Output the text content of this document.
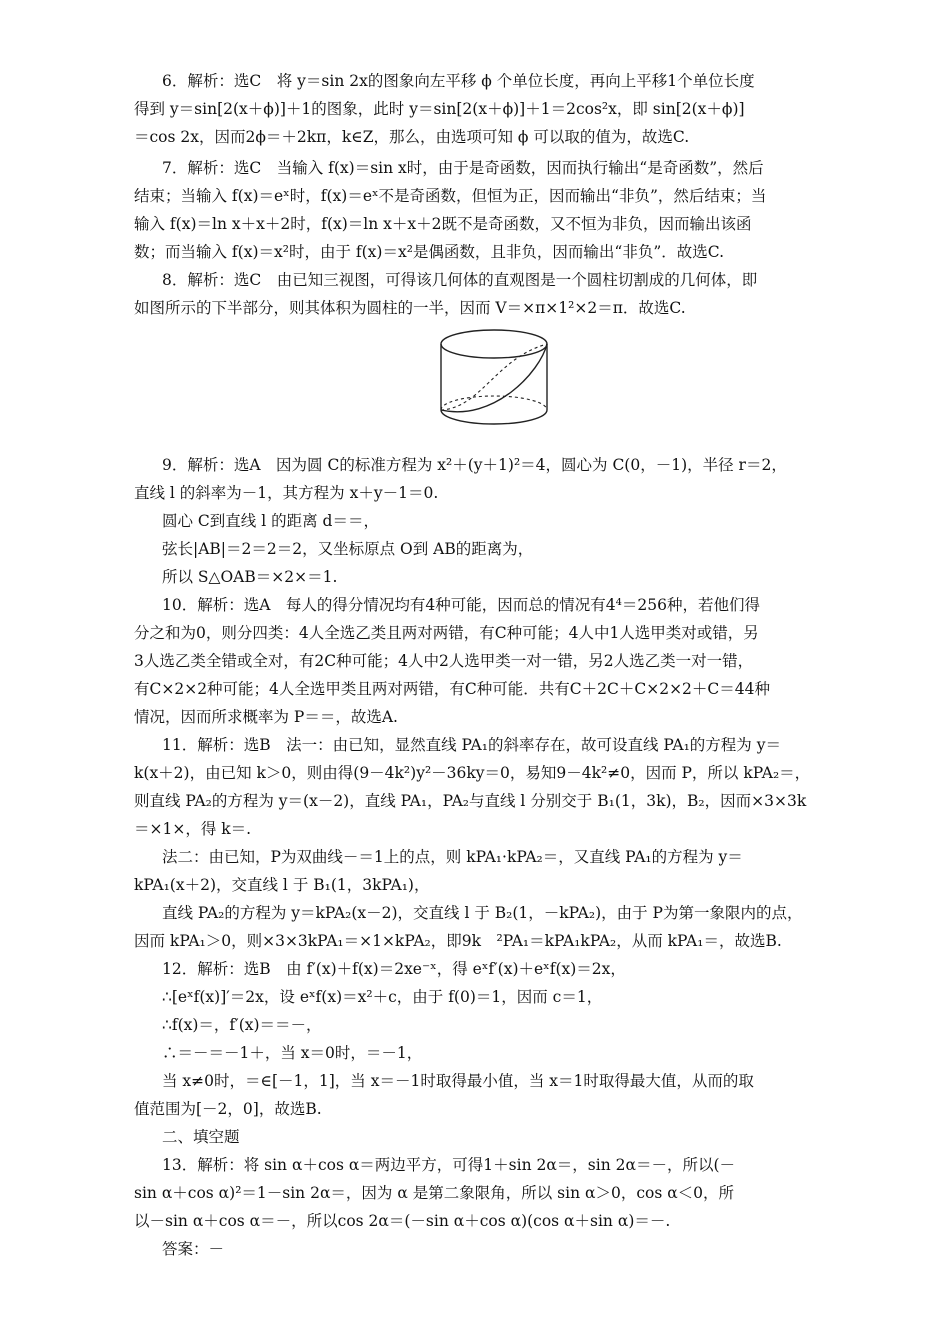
6．解析：选C　将 y＝sin 2x的图象向左平移 ϕ 个单位长度，再向上平移1个单位长度
得到 y＝sin[2(x＋ϕ)]＋1的图象，此时 y＝sin[2(x＋ϕ)]＋1＝2cos²x，即 sin[2(x＋ϕ)]
＝cos 2x，因而2ϕ＝＋2kπ，k∈Z，那么，由选项可知 ϕ 可以取的值为，故选C.
7．解析：选C　当输入 f(x)＝sin x时，由于是奇函数，因而执行输出“是奇函数”，然后
结束；当输入 f(x)＝eˣ时，f(x)＝eˣ不是奇函数，但恒为正，因而输出“非负”，然后结束；当
输入 f(x)＝ln x＋x＋2时，f(x)＝ln x＋x＋2既不是奇函数，又不恒为非负，因而输出该函
数；而当输入 f(x)＝x²时，由于 f(x)＝x²是偶函数，且非负，因而输出“非负”．故选C.
8．解析：选C　由已知三视图，可得该几何体的直观图是一个圆柱切割成的几何体，即
如图所示的下半部分，则其体积为圆柱的一半，因而 V＝×π×1²×2＝π．故选C.
9．解析：选A　因为圆 C的标准方程为 x²＋(y＋1)²＝4，圆心为 C(0，－1)，半径 r＝2，
直线 l 的斜率为－1，其方程为 x＋y－1＝0.
圆心 C到直线 l 的距离 d＝＝，
弦长|AB|＝2＝2＝2，又坐标原点 O到 AB的距离为，
所以 S△OAB＝×2×＝1.
10．解析：选A　每人的得分情况均有4种可能，因而总的情况有4⁴＝256种，若他们得
分之和为0，则分四类：4人全选乙类且两对两错，有C种可能；4人中1人选甲类对或错，另
3人选乙类全错或全对，有2C种可能；4人中2人选甲类一对一错，另2人选乙类一对一错，
有C×2×2种可能；4人全选甲类且两对两错，有C种可能．共有C＋2C＋C×2×2＋C＝44种
情况，因而所求概率为 P＝＝，故选A.
11．解析：选B　法一：由已知，显然直线 PA₁的斜率存在，故可设直线 PA₁的方程为 y＝
k(x＋2)，由已知 k＞0，则由得(9－4k²)y²－36ky＝0，易知9－4k²≠0，因而 P，所以 kPA₂＝，
则直线 PA₂的方程为 y＝(x－2)，直线 PA₁，PA₂与直线 l 分别交于 B₁(1，3k)，B₂，因而×3×3k
＝×1×，得 k＝.
法二：由已知，P为双曲线－＝1上的点，则 kPA₁·kPA₂＝，又直线 PA₁的方程为 y＝
kPA₁(x＋2)，交直线 l 于 B₁(1，3kPA₁)，
直线 PA₂的方程为 y＝kPA₂(x－2)，交直线 l 于 B₂(1，－kPA₂)，由于 P为第一象限内的点，
因而 kPA₁＞0，则×3×3kPA₁＝×1×kPA₂，即9k　²PA₁＝kPA₁kPA₂，从而 kPA₁＝，故选B.
12．解析：选B　由 f′(x)＋f(x)＝2xe⁻ˣ，得 eˣf′(x)＋eˣf(x)＝2x，
∴[eˣf(x)]′＝2x，设 eˣf(x)＝x²＋c，由于 f(0)＝1，因而 c＝1，
∴f(x)＝，f′(x)＝＝－，
∴＝－＝－1＋，当 x＝0时，＝－1，
当 x≠0时，＝∈[－1，1]，当 x＝－1时取得最小值，当 x＝1时取得最大值，从而的取
值范围为[－2，0]，故选B.
二、填空题
13．解析：将 sin α＋cos α＝两边平方，可得1＋sin 2α＝，sin 2α＝－，所以(－
sin α＋cos α)²＝1－sin 2α＝，因为 α 是第二象限角，所以 sin α＞0，cos α＜0，所
以－sin α＋cos α＝－，所以cos 2α＝(－sin α＋cos α)(cos α＋sin α)＝－.
答案：－
